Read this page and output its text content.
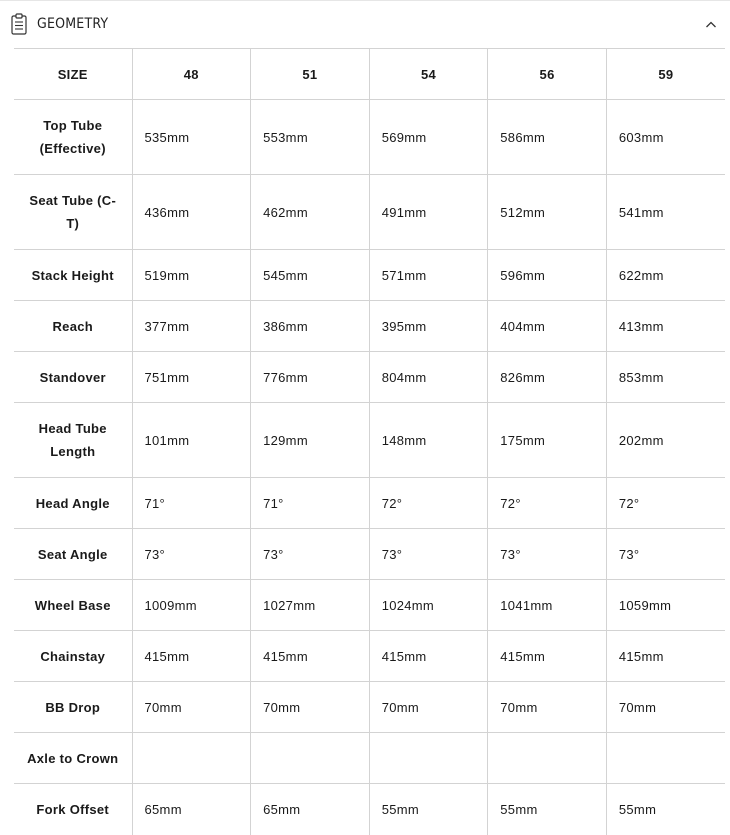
GEOMETRY
SIZE	48	51	54	56	59
Top Tube (Effective)	535mm	553mm	569mm	586mm	603mm
Seat Tube (C-T)	436mm	462mm	491mm	512mm	541mm
Stack Height	519mm	545mm	571mm	596mm	622mm
Reach	377mm	386mm	395mm	404mm	413mm
Standover	751mm	776mm	804mm	826mm	853mm
Head Tube Length	101mm	129mm	148mm	175mm	202mm
Head Angle	71°	71°	72°	72°	72°
Seat Angle	73°	73°	73°	73°	73°
Wheel Base	1009mm	1027mm	1024mm	1041mm	1059mm
Chainstay	415mm	415mm	415mm	415mm	415mm
BB Drop	70mm	70mm	70mm	70mm	70mm
Axle to Crown					
Fork Offset	65mm	65mm	55mm	55mm	55mm
